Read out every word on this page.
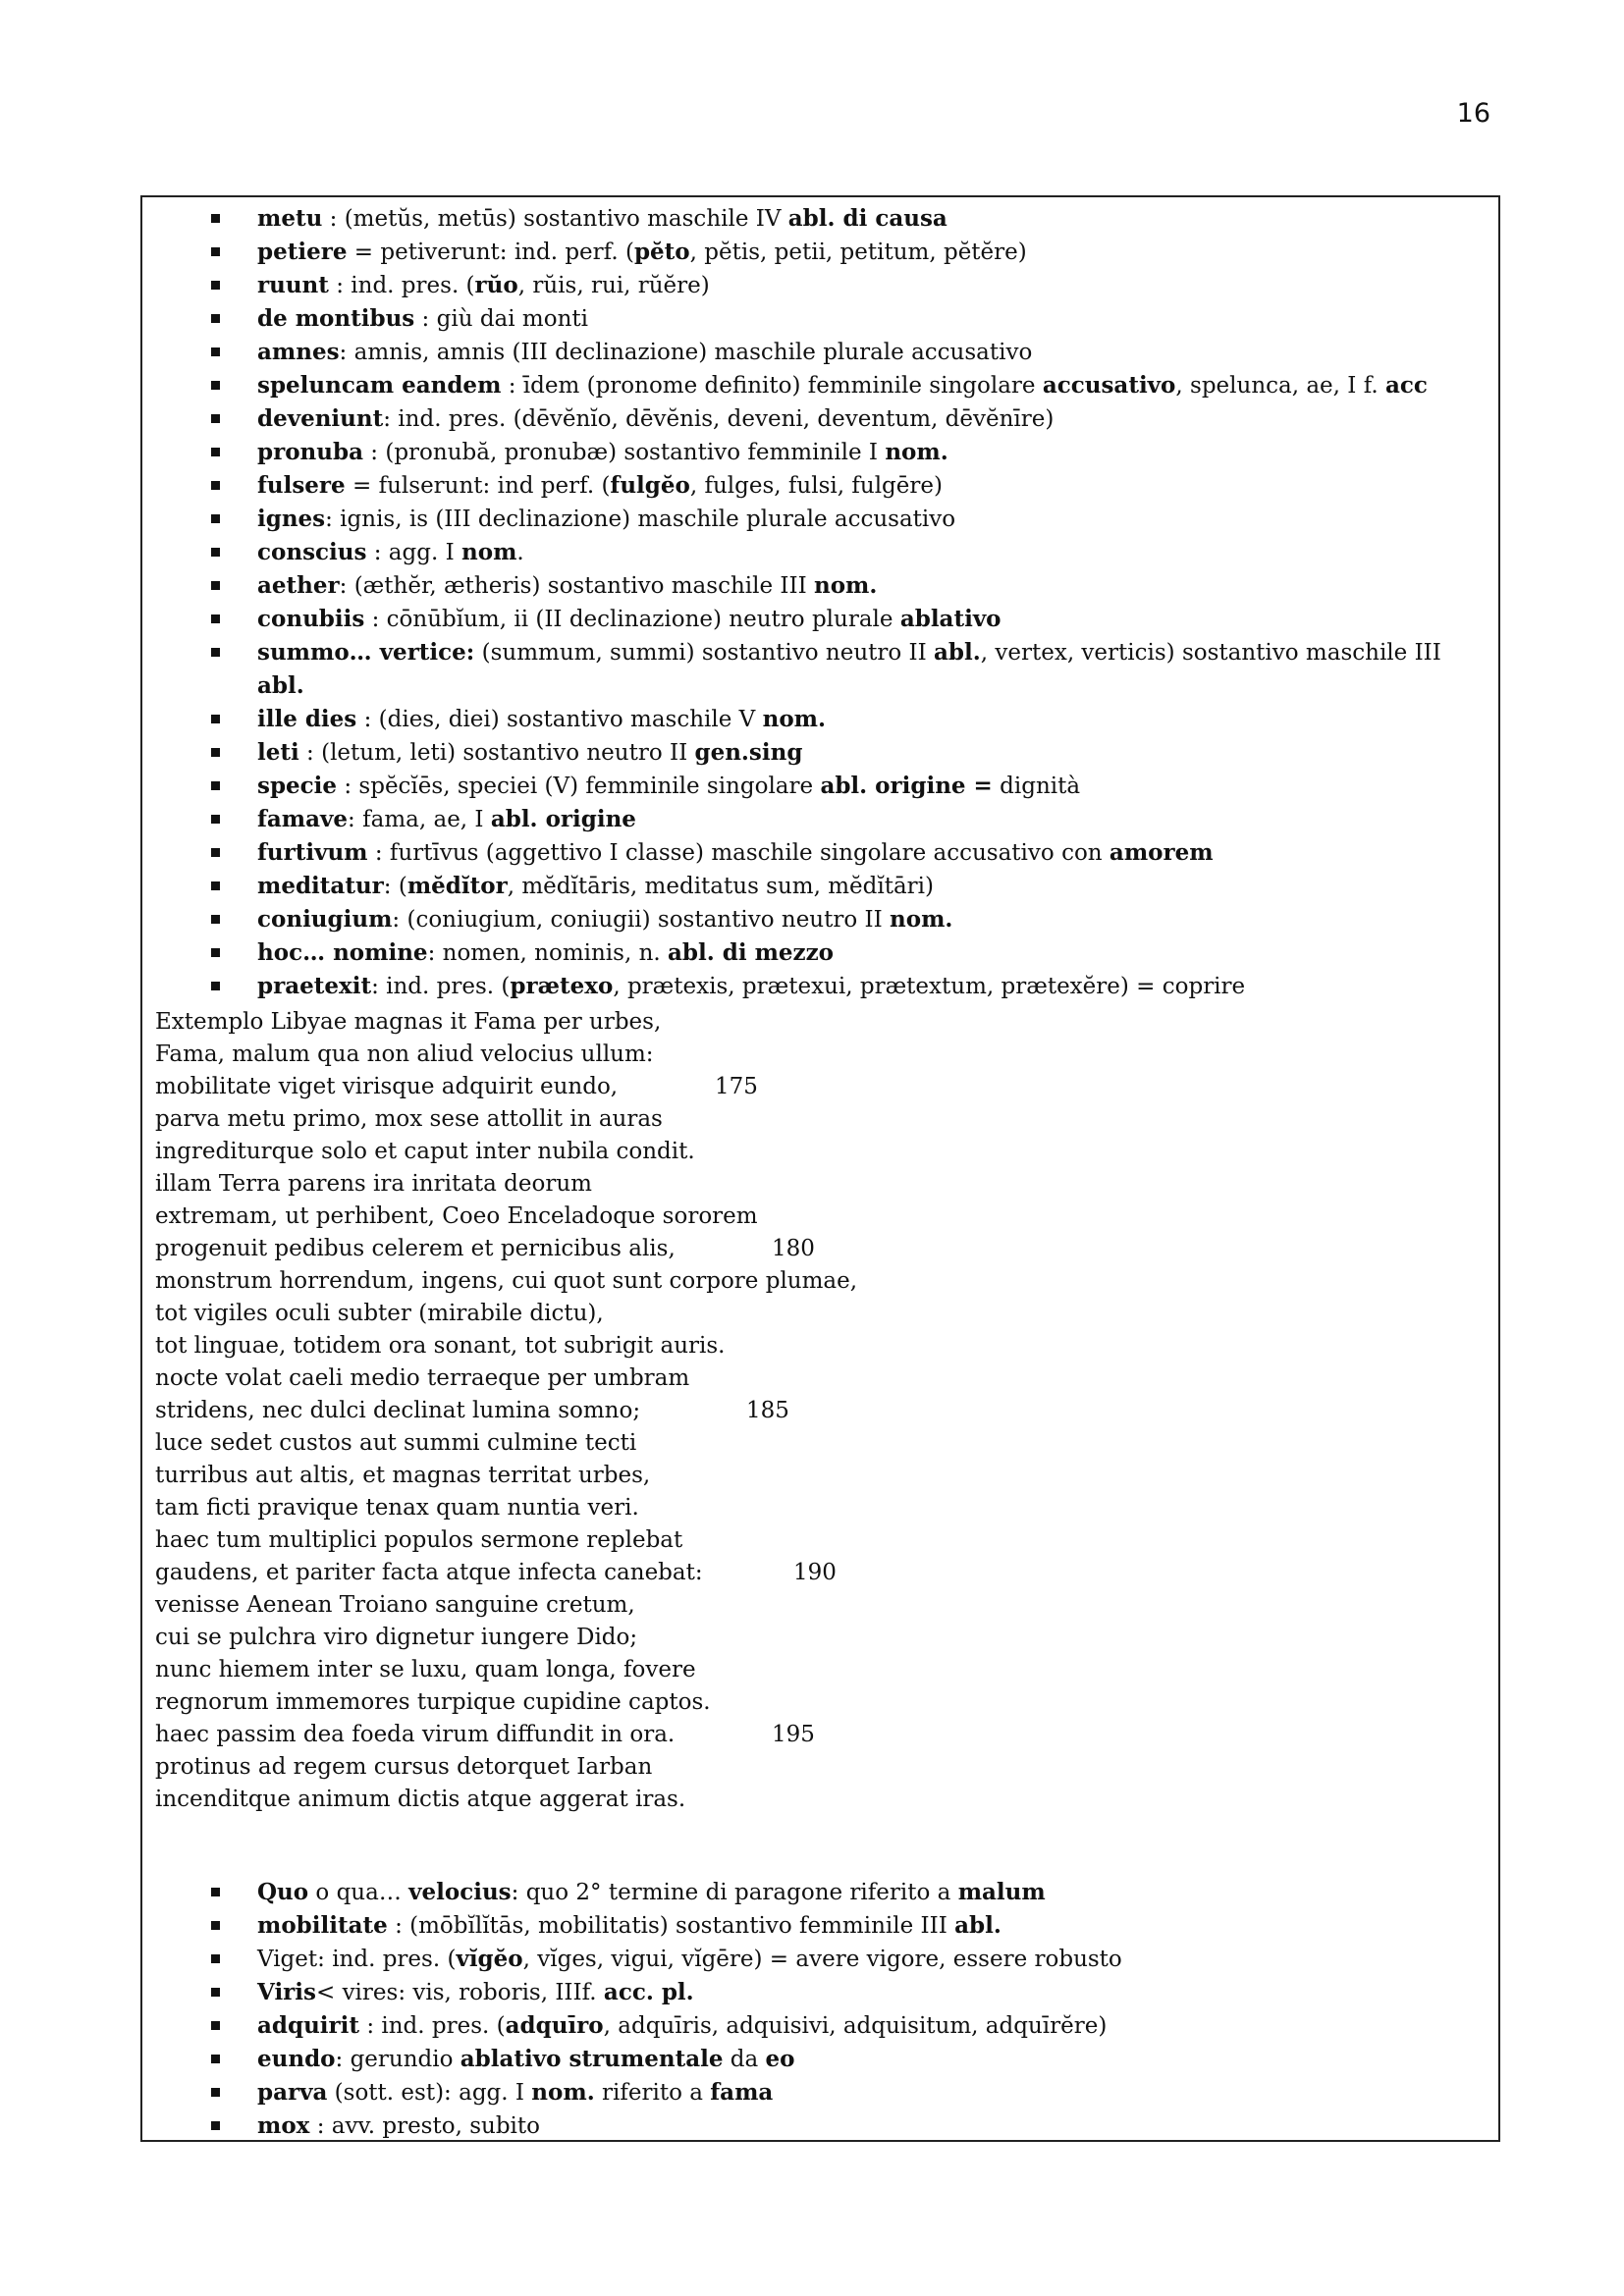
16
metu : (metŭs, metūs) sostantivo maschile IV abl. di causa
petiere = petiverunt: ind. perf. (pĕto, pĕtis, petii, petitum, pĕtĕre)
ruunt : ind. pres. (rŭo, rŭis, rui, rŭĕre)
de montibus : giù dai monti
amnes: amnis, amnis (III declinazione) maschile plurale accusativo
speluncam eandem : īdem (pronome definito) femminile singolare accusativo, spelunca, ae, I f. acc
deveniunt: ind. pres. (dēvĕnĭo, dēvĕnis, deveni, deventum, dēvĕnīre)
pronuba : (pronubă, pronubæ) sostantivo femminile I nom.
fulsere = fulserunt: ind perf. (fulgĕo, fulges, fulsi, fulgēre)
ignes: ignis, is (III declinazione) maschile plurale accusativo
conscius : agg. I nom.
aether: (æthĕr, ætheris) sostantivo maschile III nom.
conubiis : cōnūbĭum, ii (II declinazione) neutro plurale ablativo
summo… vertice: (summum, summi) sostantivo neutro II abl., vertex, verticis) sostantivo maschile III abl.
ille dies : (dies, diei) sostantivo maschile V nom.
leti : (letum, leti) sostantivo neutro II gen.sing
specie : spĕcĭēs, speciei (V) femminile singolare abl. origine = dignità
famave: fama, ae, I abl. origine
furtivum : furtīvus (aggettivo I classe) maschile singolare accusativo con amorem
meditatur: (mĕdĭtor, mĕdĭtāris, meditatus sum, mĕdĭtāri)
coniugium: (coniugium, coniugii) sostantivo neutro II nom.
hoc… nomine: nomen, nominis, n. abl. di mezzo
praetexit: ind. pres. (prætexo, prætexis, prætexui, prætextum, prætexĕre) = coprire
Extemplo Libyae magnas it Fama per urbes,
Fama, malum qua non aliud velocius ullum:
mobilitate viget virisque adquirit eundo,	175
parva metu primo, mox sese attollit in auras
ingrediturque solo et caput inter nubila condit.
illam Terra parens ira inritata deorum
extremam, ut perhibent, Coeo Enceladoque sororem
progenuit pedibus celerem et pernicibus alis,	180
monstrum horrendum, ingens, cui quot sunt corpore plumae,
tot vigiles oculi subter (mirabile dictu),
tot linguae, totidem ora sonant, tot subrigit auris.
nocte volat caeli medio terraeque per umbram
stridens, nec dulci declinat lumina somno;	185
luce sedet custos aut summi culmine tecti
turribus aut altis, et magnas territat urbes,
tam ficti pravique tenax quam nuntia veri.
haec tum multiplici populos sermone replebat
gaudens, et pariter facta atque infecta canebat:	190
venisse Aenean Troiano sanguine cretum,
cui se pulchra viro dignetur iungere Dido;
nunc hiemem inter se luxu, quam longa, fovere
regnorum immemores turpique cupidine captos.
haec passim dea foeda virum diffundit in ora.	195
protinus ad regem cursus detorquet Iarban
incenditque animum dictis atque aggerat iras.
Quo o qua… velocius: quo 2° termine di paragone riferito a malum
mobilitate : (mōbĭlĭtās, mobilitatis) sostantivo femminile III abl.
Viget: ind. pres. (vĭgĕo, vĭges, vigui, vĭgēre) = avere vigore, essere robusto
Viris< vires: vis, roboris, IIIf. acc. pl.
adquirit : ind. pres. (adquīro, adquīris, adquisivi, adquisitum, adquīrĕre)
eundo: gerundio ablativo strumentale da eo
parva (sott. est): agg. I nom. riferito a fama
mox : avv. presto, subito
